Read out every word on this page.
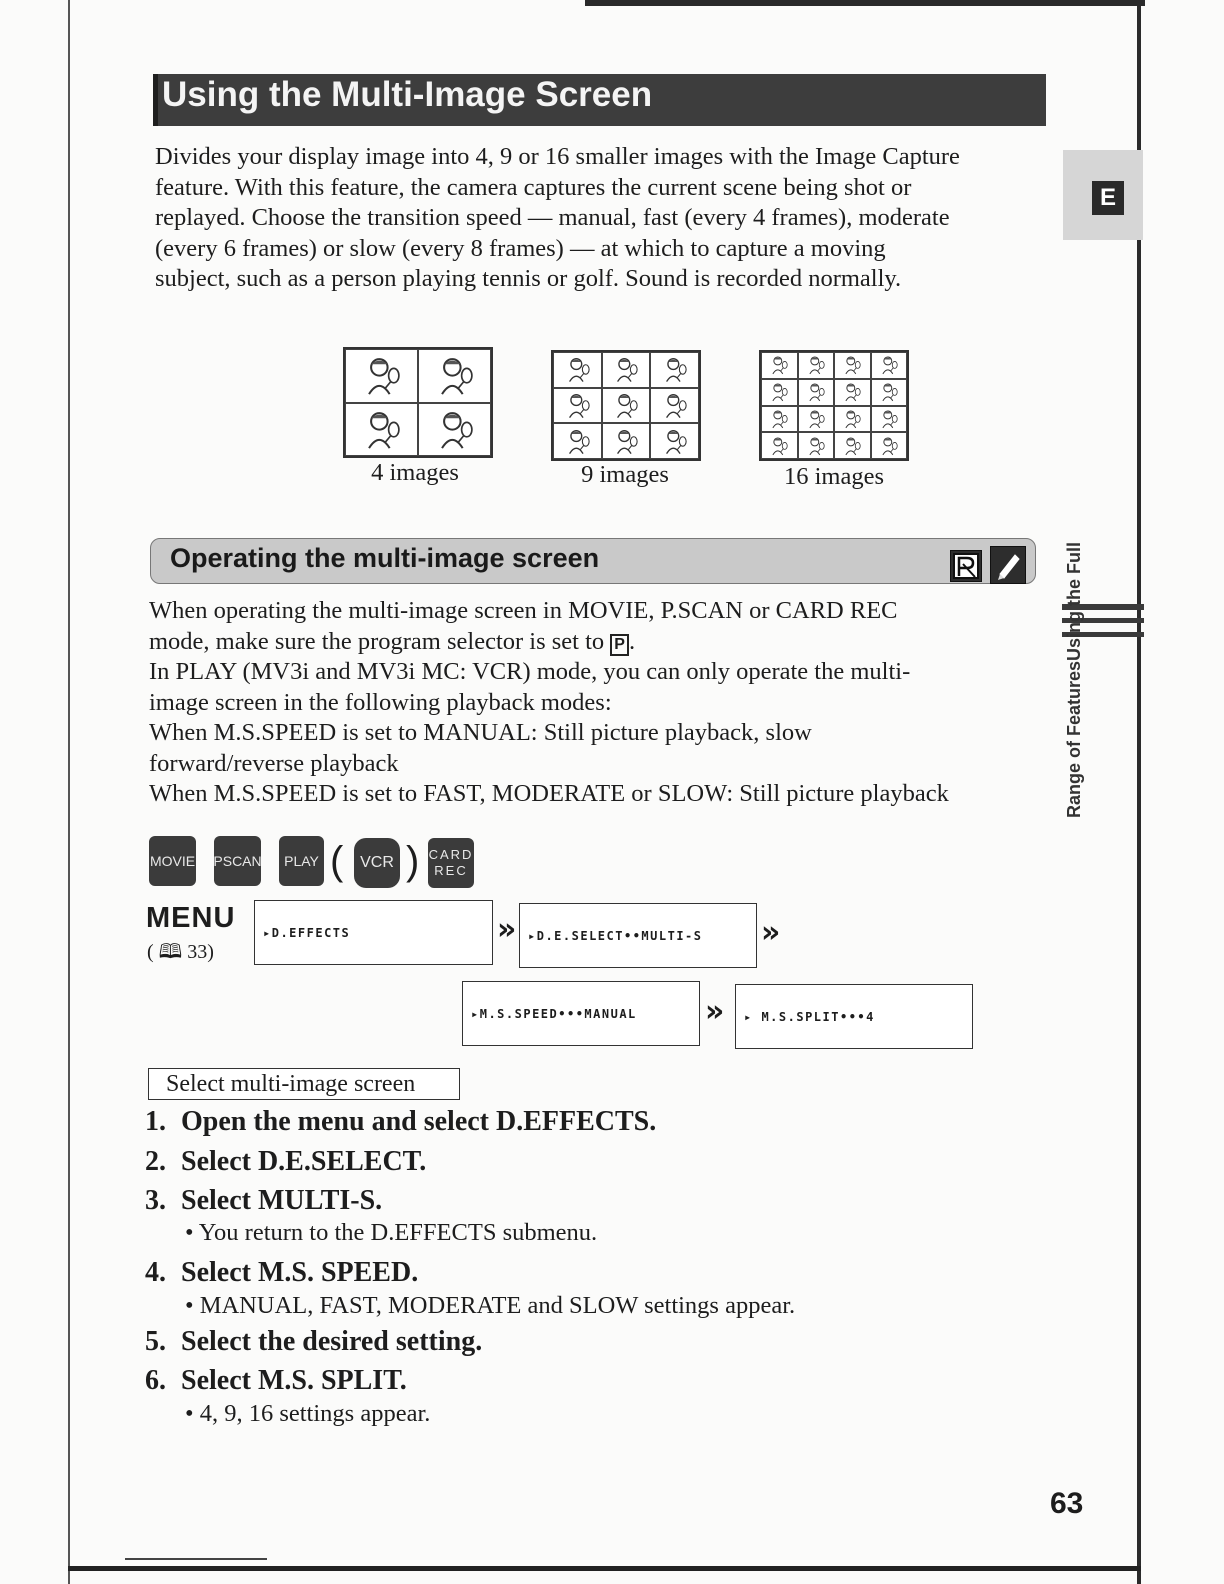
Using the Multi-Image Screen
Divides your display image into 4, 9 or 16 smaller images with the Image Capture
feature. With this feature, the camera captures the current scene being shot or
replayed. Choose the transition speed — manual, fast (every 4 frames), moderate
(every 6 frames) or slow (every 8 frames) — at which to capture a moving
subject, such as a person playing tennis or golf. Sound is recorded normally.
E
4 images	9 images	16 images
Operating the multi-image screen
When operating the multi-image screen in MOVIE, P.SCAN or CARD REC
mode, make sure the program selector is set to P .
In PLAY (MV3i and MV3i MC: VCR) mode, you can only operate the multi-
image screen in the following playback modes:
When M.S.SPEED is set to MANUAL: Still picture playback, slow
forward/reverse playback
When M.S.SPEED is set to FAST, MODERATE or SLOW: Still picture playback	Range of Features
Using the Full
MOVIE PSCAN	PLAY (	VCR ) CARD REC
MENU
( 🕮 33)
▸D.EFFECTS	» ▸D.E.SELECT••MULTI-S	»
▸M.S.SPEED•••MANUAL	»	▸ M.S.SPLIT•••4
Select multi-image screen
1. Open the menu and select D.EFFECTS.
2. Select D.E.SELECT.
3. Select MULTI-S.
• You return to the D.EFFECTS submenu.
4. Select M.S. SPEED.
• MANUAL, FAST, MODERATE and SLOW settings appear.
5. Select the desired setting.
6. Select M.S. SPLIT.
• 4, 9, 16 settings appear.
63
